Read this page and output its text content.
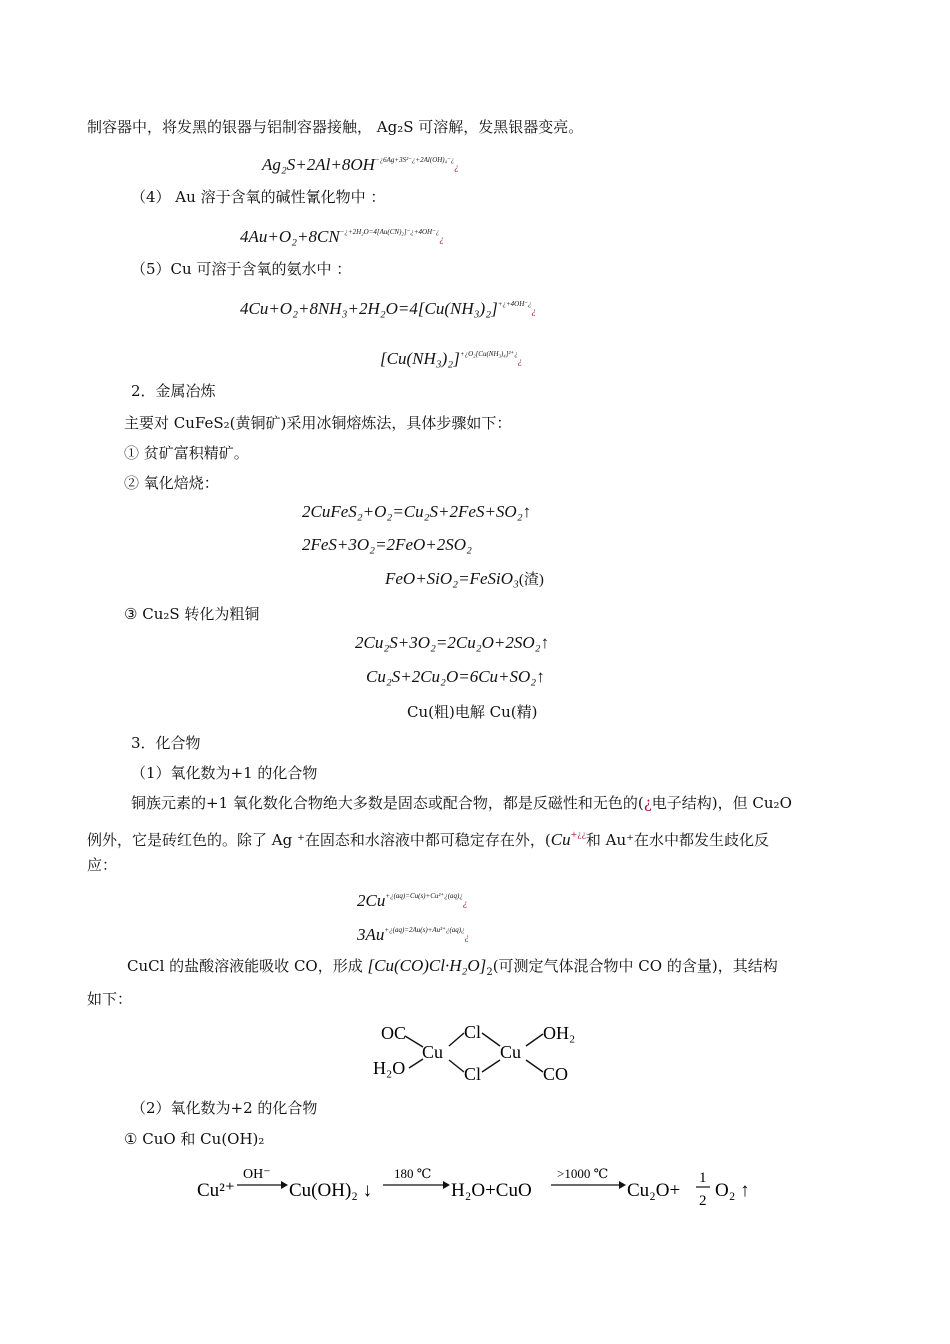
制容器中，将发黑的银器与铝制容器接触， Ag₂S 可溶解，发黑银器变亮。
$Ag_2S+2Al+8OH^{-¿6Ag+3S^{2-}¿+2Al(OH)_4^-¿}¿$
（4） Au 溶于含氧的碱性氰化物中 ：
$4Au+O_2+8CN^{-¿+2H_2O=4[Au(CN)_2]^-¿+4OH^-¿}¿$
（5）Cu 可溶于含氧的氨水中 ：
$4Cu+O_2+8NH_3+2H_2O=4[Cu(NH_3)_2]^{+¿+4OH^-¿}¿$
$[Cu(NH_3)_2]^{+¿O_2[Cu(NH_3)_4]^{2+}¿}¿$
2．金属冶炼
主要对 CuFeS₂(黄铜矿)采用冰铜熔炼法，具体步骤如下：
① 贫矿富积精矿。
② 氧化焙烧：
2CuFeS₂+O₂=Cu₂S+2FeS+SO₂↑
2FeS+3O₂=2FeO+2SO₂
FeO+SiO₂=FeSiO₃(渣)
③ Cu₂S 转化为粗铜
2Cu₂S+3O₂=2Cu₂O+2SO₂↑
Cu₂S+2Cu₂O=6Cu+SO₂↑
Cu(粗)电解 Cu(精)
3．化合物
（1）氧化数为+1 的化合物
铜族元素的+1 氧化数化合物绝大多数是固态或配合物，都是反磁性和无色的(¿电子结构)，但 Cu₂O
例外，它是砖红色的。除了 Ag ⁺在固态和水溶液中都可稳定存在外，(Cu+¿¿和 Au⁺在水中都发生歧化反
应：
$2Cu^{+¿(aq)=Cu(s)+Cu^{2+}¿(aq)¿}¿$
$3Au^{+¿(aq)=2Au(s)+Au^{3+}¿(aq)¿}¿$
CuCl 的盐酸溶液能吸收 CO，形成 $[Cu(CO)Cl\cdot H_2O]_2$(可测定气体混合物中 CO 的含量)，其结构
如下：
OC
H₂O
Cu	Cu
Cl
Cl
OH₂
CO
（2）氧化数为+2 的化合物
① CuO 和 Cu(OH)₂
Cu²⁺
OH⁻
Cu(OH)₂ ↓
180 ℃
H₂O+CuO
>1000 ℃
Cu₂O+
1
2 O₂ ↑
